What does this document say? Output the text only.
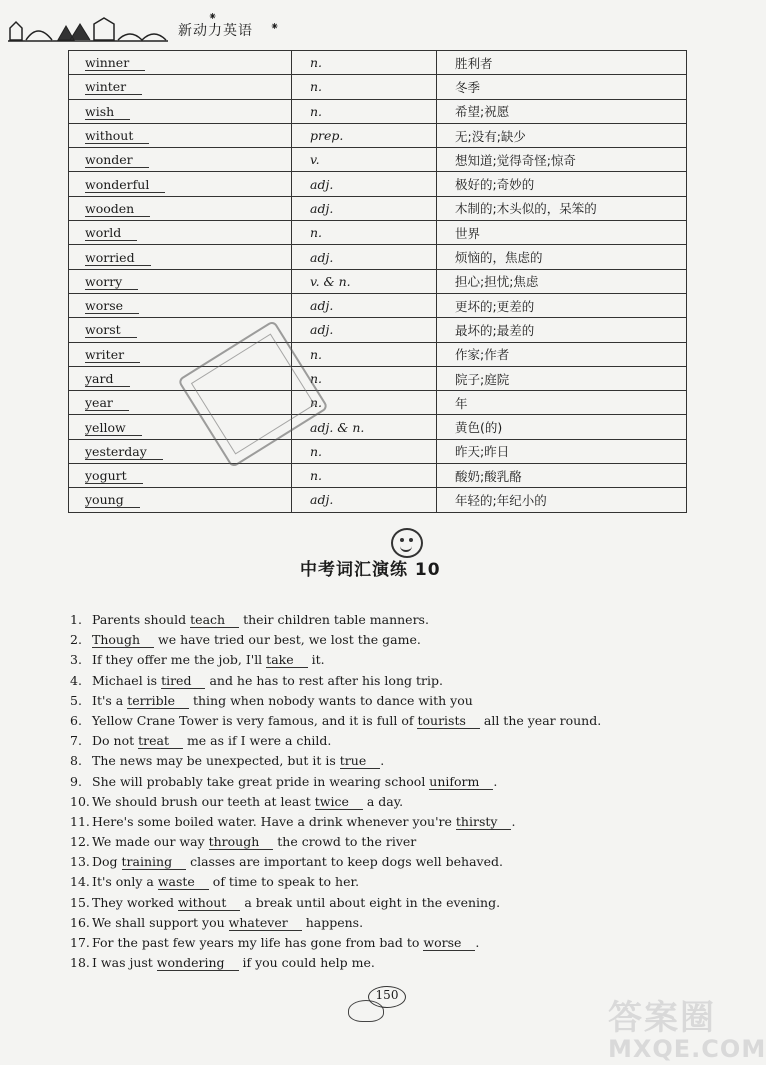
新动力英语
⁕
⁕
winner	n.	胜利者
winter	n.	冬季
wish	n.	希望;祝愿
without	prep.	无;没有;缺少
wonder	v.	想知道;觉得奇怪;惊奇
wonderful	adj.	极好的;奇妙的
wooden	adj.	木制的;木头似的，呆笨的
world	n.	世界
worried	adj.	烦恼的，焦虑的
worry	v. & n.	担心;担忧;焦虑
worse	adj.	更坏的;更差的
worst	adj.	最坏的;最差的
writer	n.	作家;作者
yard	n.	院子;庭院
year	n.	年
yellow	adj. & n.	黄色(的)
yesterday	n.	昨天;昨日
yogurt	n.	酸奶;酸乳酪
young	adj.	年轻的;年纪小的
中考词汇演练 10
1. Parents should teach their children table manners.
2. Though we have tried our best, we lost the game.
3. If they offer me the job, I'll take it.
4. Michael is tired and he has to rest after his long trip.
5. It's a terrible thing when nobody wants to dance with you
6. Yellow Crane Tower is very famous, and it is full of tourists all the year round.
7. Do not treat me as if I were a child.
8. The news may be unexpected, but it is true .
9. She will probably take great pride in wearing school uniform .
10. We should brush our teeth at least twice a day.
11. Here's some boiled water. Have a drink whenever you're thirsty .
12. We made our way through the crowd to the river
13. Dog training classes are important to keep dogs well behaved.
14. It's only a waste of time to speak to her.
15. They worked without a break until about eight in the evening.
16. We shall support you whatever happens.
17. For the past few years my life has gone from bad to worse .
18. I was just wondering if you could help me.
150
答案圈
MXQE.COM
